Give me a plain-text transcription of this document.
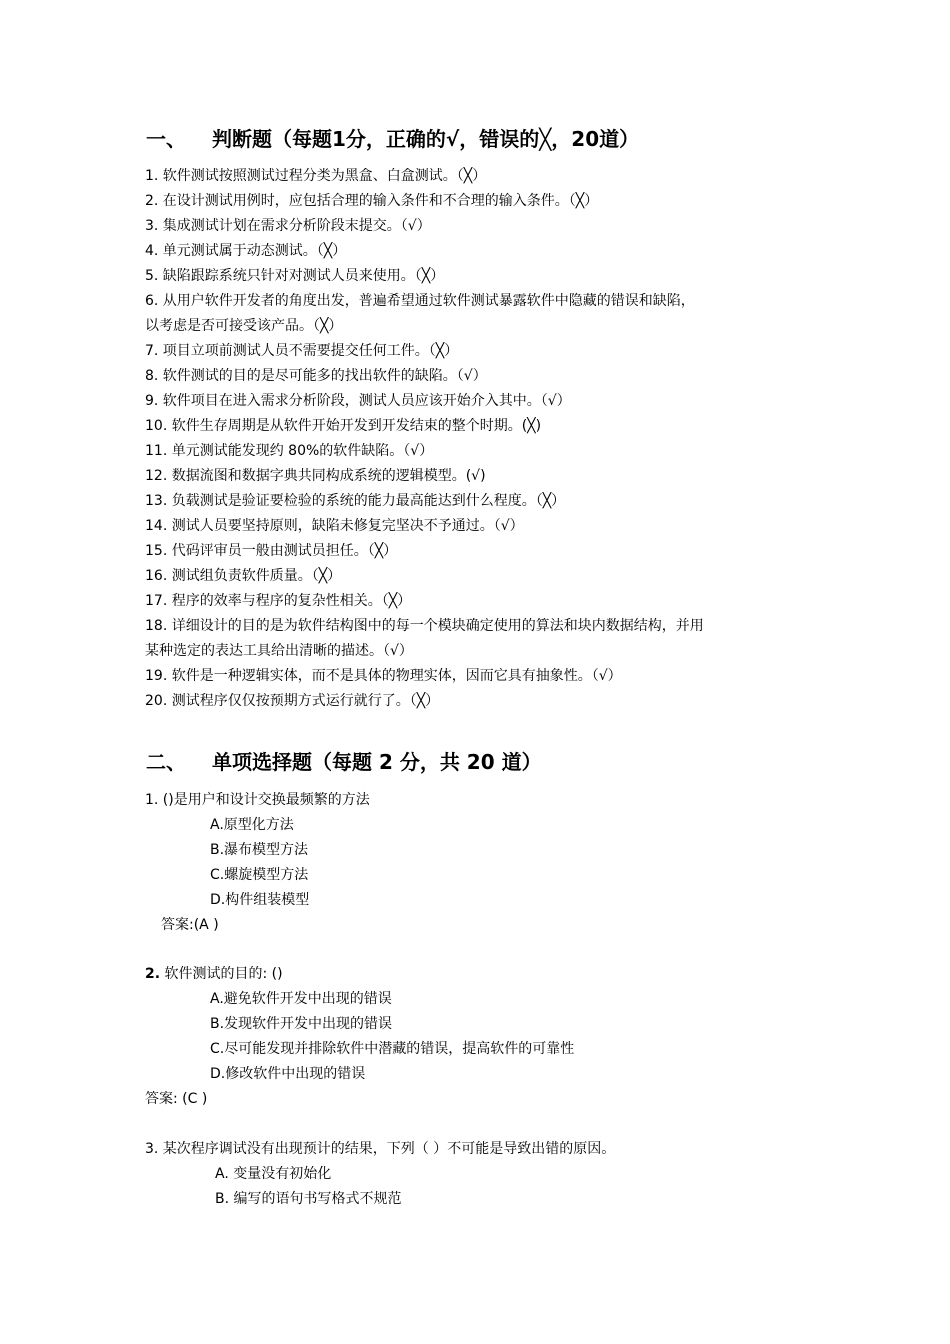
一、 判断题（每题1分，正确的√，错误的╳，20道）
1. 软件测试按照测试过程分类为黑盒、白盒测试。（╳）
2. 在设计测试用例时，应包括合理的输入条件和不合理的输入条件。（╳）
3. 集成测试计划在需求分析阶段末提交。（√）
4. 单元测试属于动态测试。（╳）
5. 缺陷跟踪系统只针对对测试人员来使用。（╳）
6. 从用户软件开发者的角度出发，普遍希望通过软件测试暴露软件中隐藏的错误和缺陷，
以考虑是否可接受该产品。（╳）
7. 项目立项前测试人员不需要提交任何工件。（╳）
8. 软件测试的目的是尽可能多的找出软件的缺陷。（√）
9. 软件项目在进入需求分析阶段，测试人员应该开始介入其中。（√）
10. 软件生存周期是从软件开始开发到开发结束的整个时期。(╳)
11. 单元测试能发现约 80%的软件缺陷。（√）
12. 数据流图和数据字典共同构成系统的逻辑模型。(√)
13. 负载测试是验证要检验的系统的能力最高能达到什么程度。（╳）
14. 测试人员要坚持原则，缺陷未修复完坚决不予通过。（√）
15. 代码评审员一般由测试员担任。（╳）
16. 测试组负责软件质量。（╳）
17. 程序的效率与程序的复杂性相关。（╳）
18. 详细设计的目的是为软件结构图中的每一个模块确定使用的算法和块内数据结构，并用
某种选定的表达工具给出清晰的描述。（√）
19. 软件是一种逻辑实体，而不是具体的物理实体，因而它具有抽象性。（√）
20. 测试程序仅仅按预期方式运行就行了。（╳）
二、 单项选择题（每题 2 分，共 20 道）
1. ()是用户和设计交换最频繁的方法
A.原型化方法
B.瀑布模型方法
C.螺旋模型方法
D.构件组装模型
答案:(A )
2. 软件测试的目的: ()
A.避免软件开发中出现的错误
B.发现软件开发中出现的错误
C.尽可能发现并排除软件中潜藏的错误，提高软件的可靠性
D.修改软件中出现的错误
答案: (C )
3. 某次程序调试没有出现预计的结果，下列（ ）不可能是导致出错的原因。
A. 变量没有初始化
B. 编写的语句书写格式不规范
